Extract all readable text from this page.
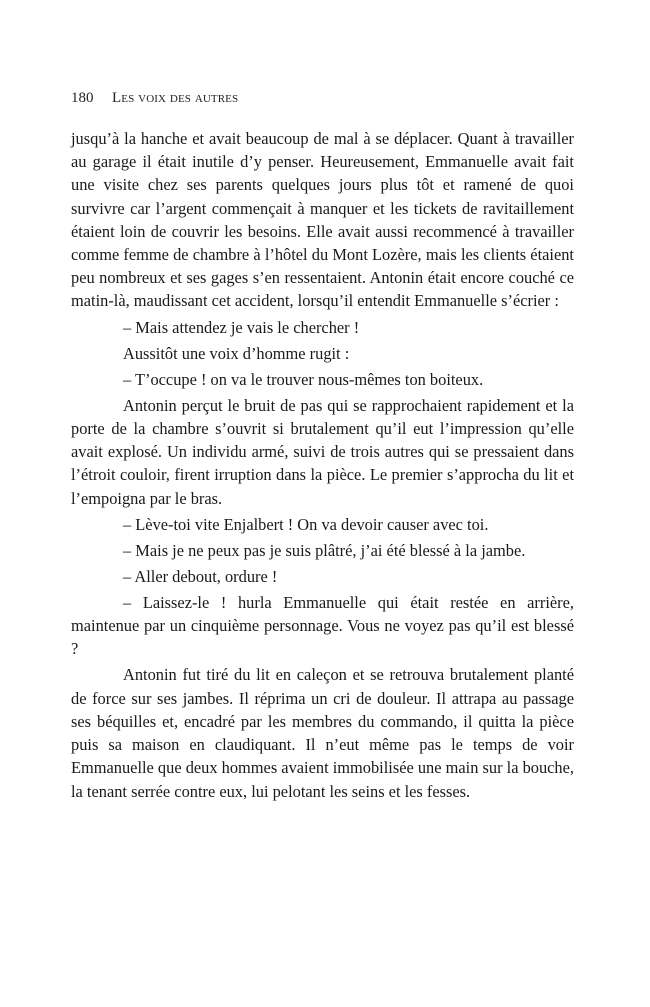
180 Les voix des autres

jusqu’à la hanche et avait beaucoup de mal à se déplacer. Quant à travailler au garage il était inutile d’y penser. Heureusement, Emmanuelle avait fait une visite chez ses parents quelques jours plus tôt et ramené de quoi survivre car l’argent commençait à manquer et les tickets de ravitaillement étaient loin de couvrir les besoins. Elle avait aussi recommencé à travailler comme femme de chambre à l’hôtel du Mont Lozère, mais les clients étaient peu nombreux et ses gages s’en ressentaient. Antonin était encore couché ce matin-là, maudissant cet accident, lorsqu’il entendit Emmanuelle s’écrier :

– Mais attendez je vais le chercher !

Aussitôt une voix d’homme rugit :

– T’occupe ! on va le trouver nous-mêmes ton boiteux.

Antonin perçut le bruit de pas qui se rapprochaient rapidement et la porte de la chambre s’ouvrit si brutalement qu’il eut l’impression qu’elle avait explosé. Un individu armé, suivi de trois autres qui se pressaient dans l’étroit couloir, firent irruption dans la pièce. Le premier s’approcha du lit et l’empoigna par le bras.

– Lève-toi vite Enjalbert ! On va devoir causer avec toi.

– Mais je ne peux pas je suis plâtré, j’ai été blessé à la jambe.

– Aller debout, ordure !

– Laissez-le ! hurla Emmanuelle qui était restée en arrière, maintenue par un cinquième personnage. Vous ne voyez pas qu’il est blessé ?

Antonin fut tiré du lit en caleçon et se retrouva brutalement planté de force sur ses jambes. Il réprima un cri de douleur. Il attrapa au passage ses béquilles et, encadré par les membres du commando, il quitta la pièce puis sa maison en claudiquant. Il n’eut même pas le temps de voir Emmanuelle que deux hommes avaient immobilisée une main sur la bouche, la tenant serrée contre eux, lui pelotant les seins et les fesses.
